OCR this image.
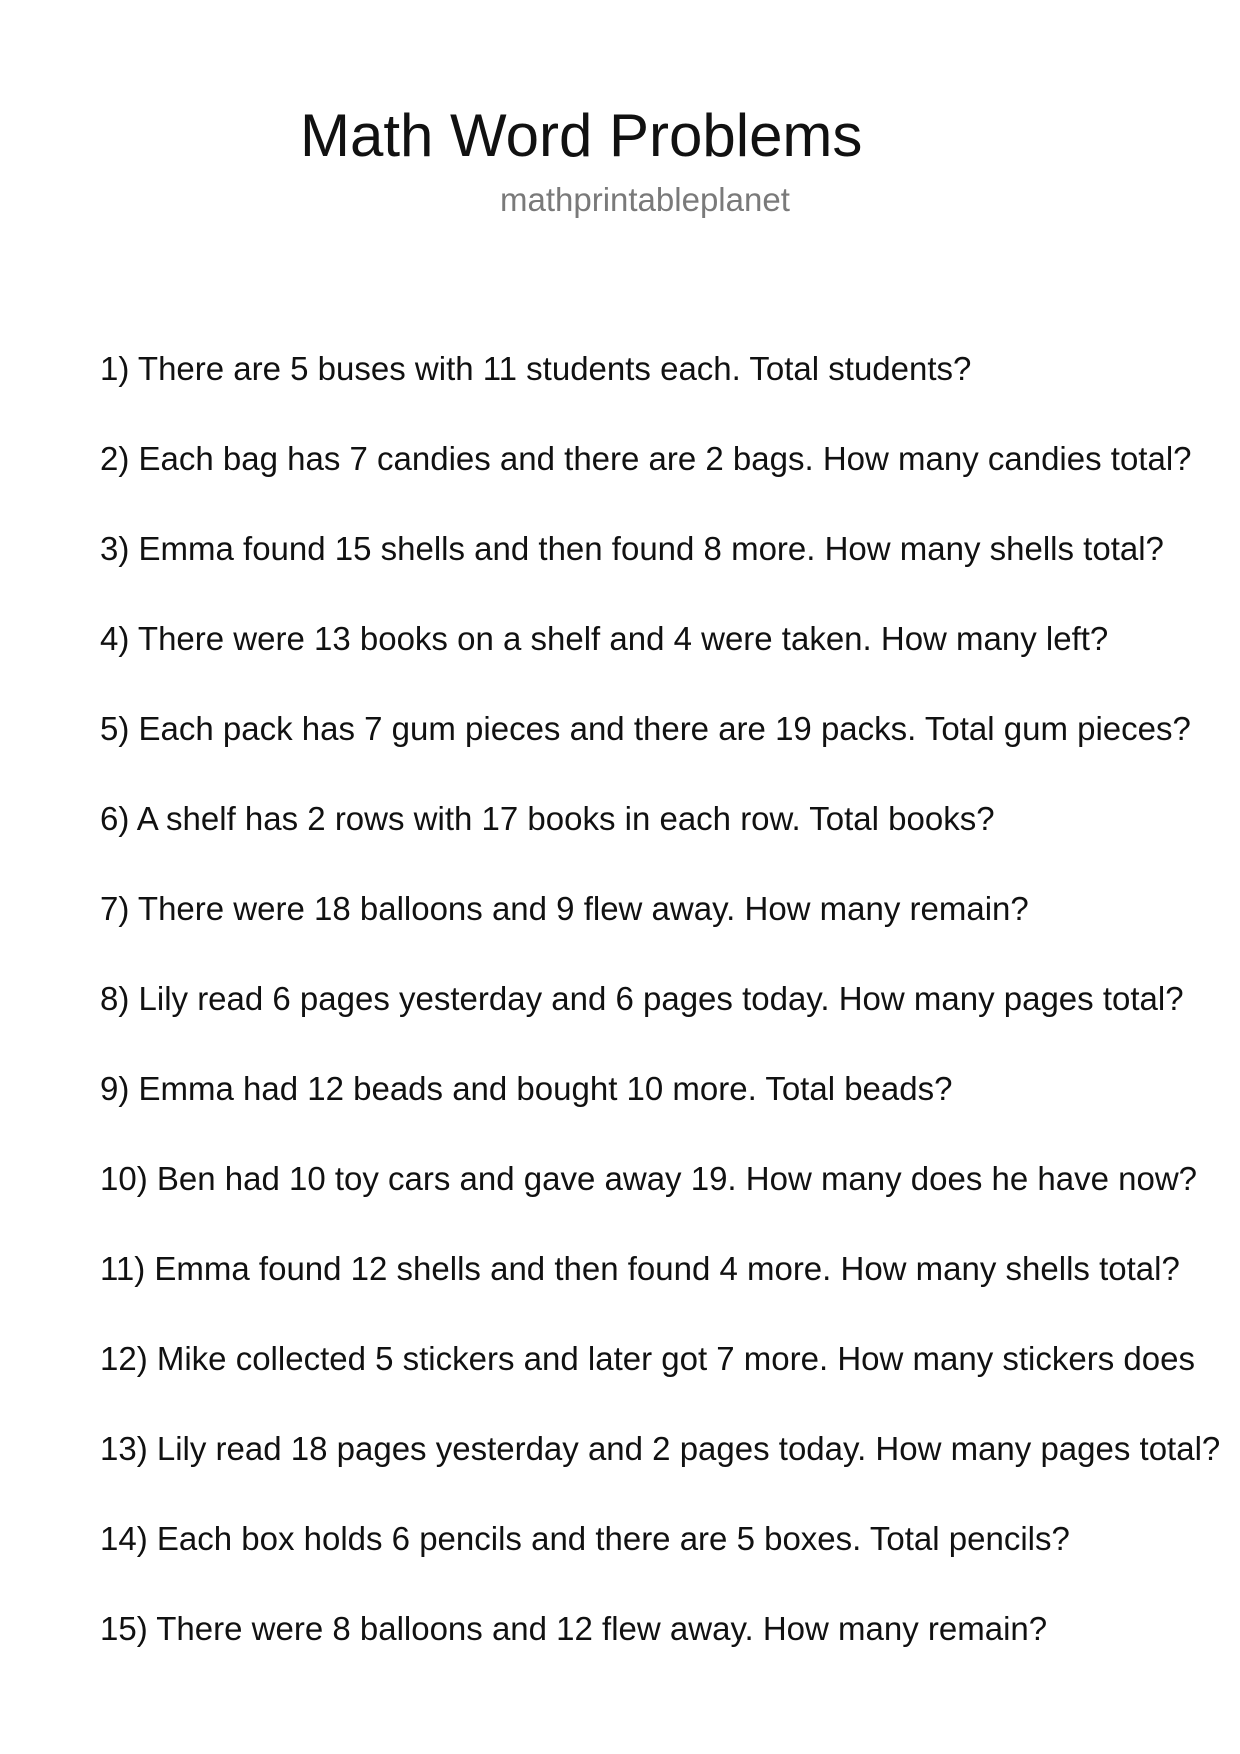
Math Word Problems
mathprintableplanet
1) There are 5 buses with 11 students each. Total students?
2) Each bag has 7 candies and there are 2 bags. How many candies total?
3) Emma found 15 shells and then found 8 more. How many shells total?
4) There were 13 books on a shelf and 4 were taken. How many left?
5) Each pack has 7 gum pieces and there are 19 packs. Total gum pieces?
6) A shelf has 2 rows with 17 books in each row. Total books?
7) There were 18 balloons and 9 flew away. How many remain?
8) Lily read 6 pages yesterday and 6 pages today. How many pages total?
9) Emma had 12 beads and bought 10 more. Total beads?
10) Ben had 10 toy cars and gave away 19. How many does he have now?
11) Emma found 12 shells and then found 4 more. How many shells total?
12) Mike collected 5 stickers and later got 7 more. How many stickers does
13) Lily read 18 pages yesterday and 2 pages today. How many pages total?
14) Each box holds 6 pencils and there are 5 boxes. Total pencils?
15) There were 8 balloons and 12 flew away. How many remain?
